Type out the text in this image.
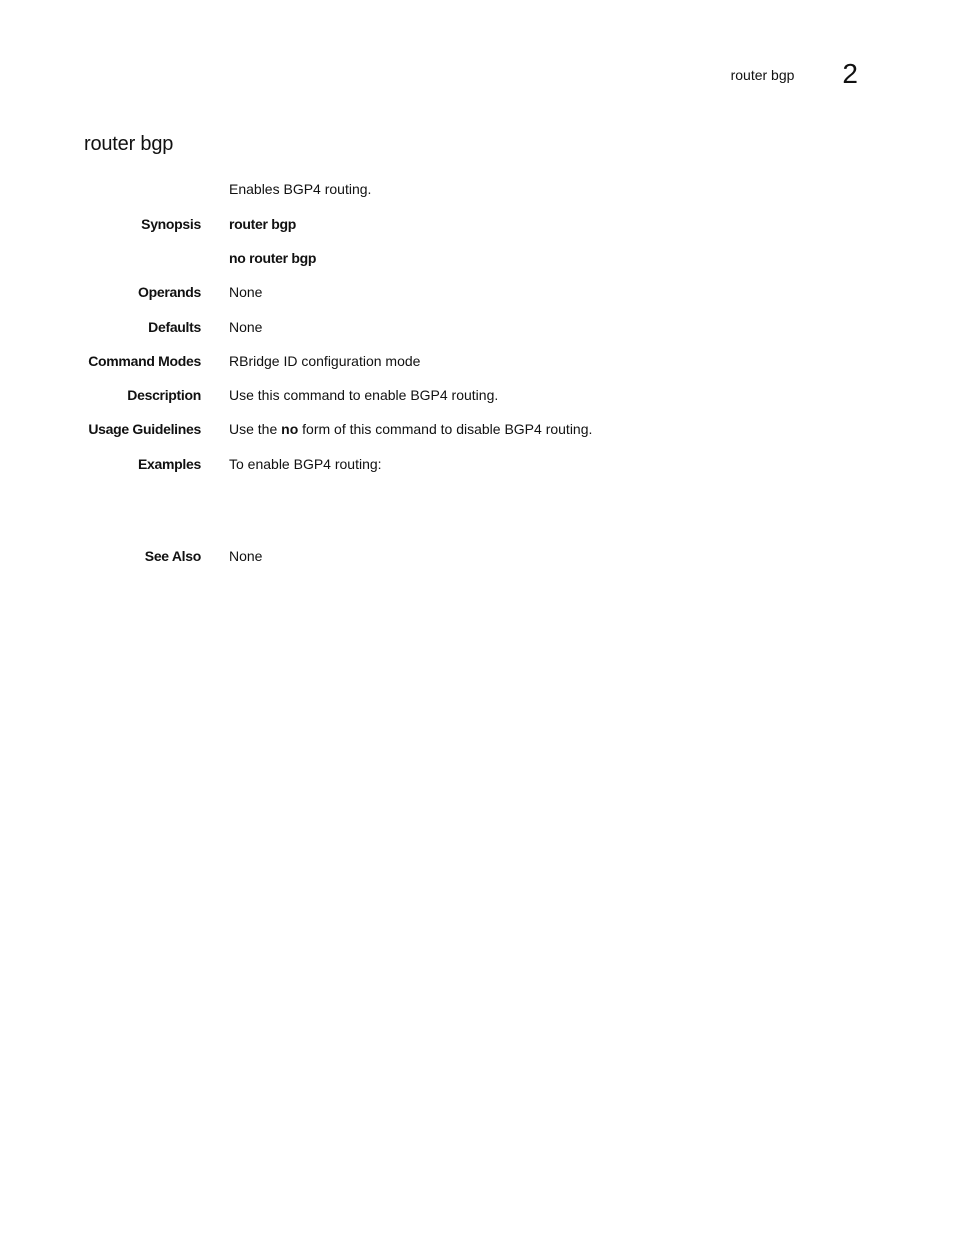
router bgp 2
router bgp
Enables BGP4 routing.
Synopsis router bgp
no router bgp
Operands None
Defaults None
Command Modes RBridge ID configuration mode
Description Use this command to enable BGP4 routing.
Usage Guidelines Use the no form of this command to disable BGP4 routing.
Examples To enable BGP4 routing:
See Also None
